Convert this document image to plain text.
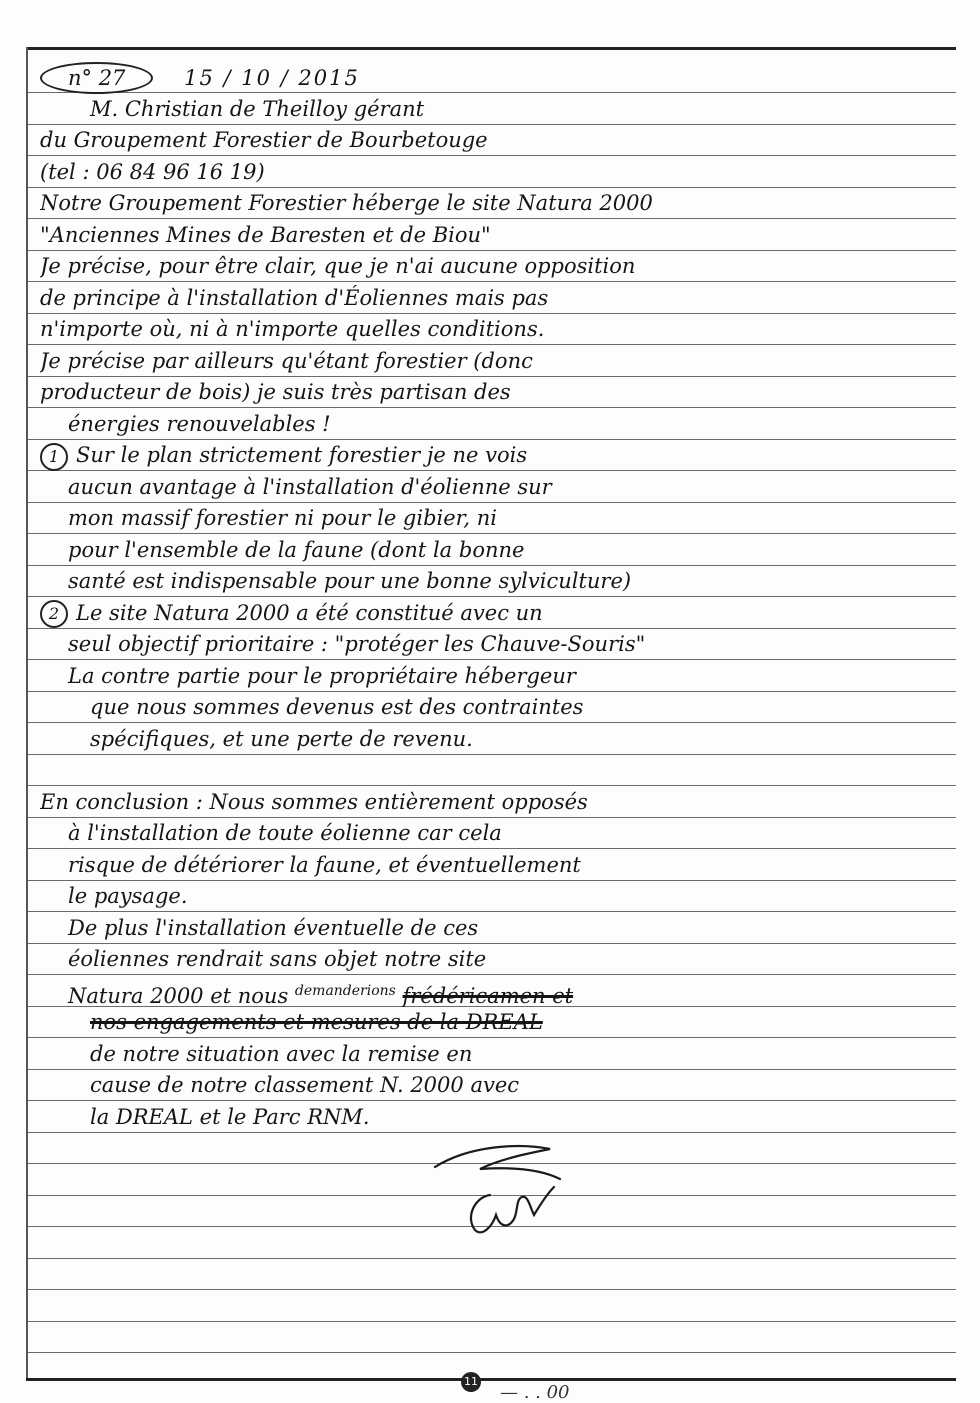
n° 27	15 / 10 / 2015
M. Christian de Theilloy gérant
du Groupement Forestier de Bourbetouge
(tel : 06 84 96 16 19)
Notre Groupement Forestier héberge le site Natura 2000
"Anciennes Mines de Baresten et de Biou"
Je précise, pour être clair, que je n'ai aucune opposition
de principe à l'installation d'Éoliennes mais pas
n'importe où, ni à n'importe quelles conditions.
Je précise par ailleurs qu'étant forestier (donc
producteur de bois) je suis très partisan des
énergies renouvelables !
1 Sur le plan strictement forestier je ne vois
aucun avantage à l'installation d'éolienne sur
mon massif forestier ni pour le gibier, ni
pour l'ensemble de la faune (dont la bonne
santé est indispensable pour une bonne sylviculture)
2 Le site Natura 2000 a été constitué avec un
seul objectif prioritaire : "protéger les Chauve-Souris"
La contre partie pour le propriétaire hébergeur
que nous sommes devenus est des contraintes
spécifiques, et une perte de revenu.
En conclusion : Nous sommes entièrement opposés
à l'installation de toute éolienne car cela
risque de détériorer la faune, et éventuellement
le paysage.
De plus l'installation éventuelle de ces
éoliennes rendrait sans objet notre site
Natura 2000 et nous $^{demanderions}$ frédéricamen et
nos engagements et mesures de la DREAL
de notre situation avec la remise en
cause de notre classement N. 2000 avec
la DREAL et le Parc RNM.
11
— . . 00
